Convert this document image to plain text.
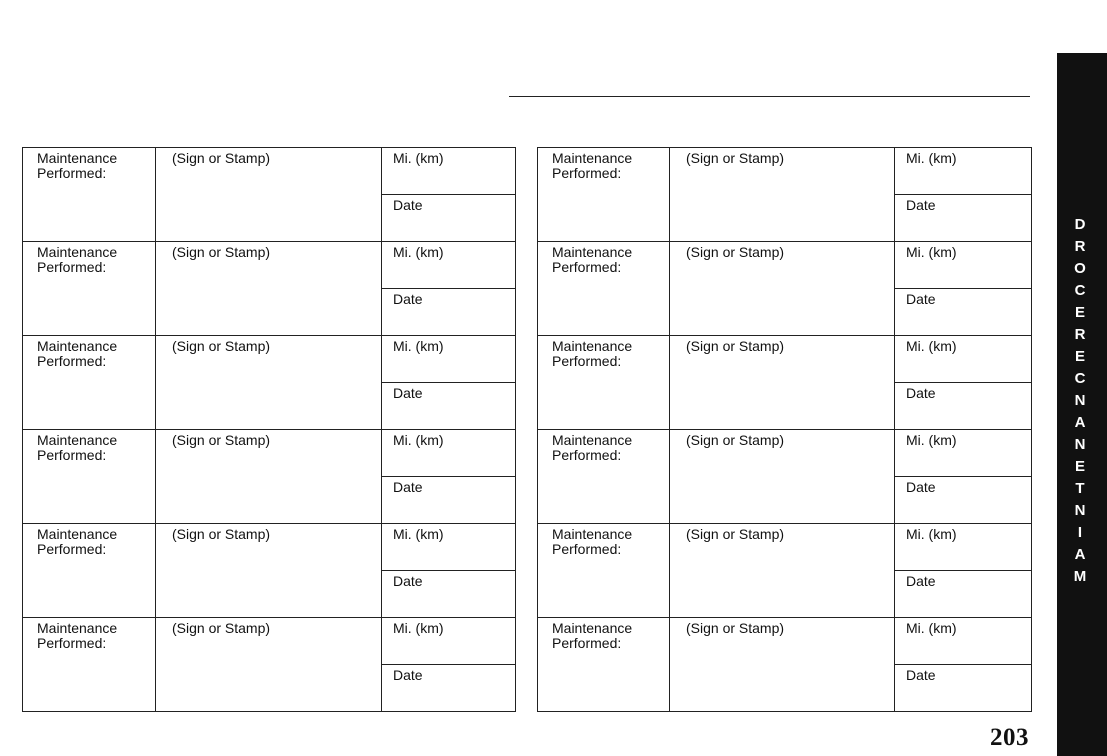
Maintenance
Performed:	(Sign or Stamp)	Mi. (km)
		Date

Maintenance
Performed:	(Sign or Stamp)	Mi. (km)
		Date

Maintenance
Performed:	(Sign or Stamp)	Mi. (km)
		Date

Maintenance
Performed:	(Sign or Stamp)	Mi. (km)
		Date

Maintenance
Performed:	(Sign or Stamp)	Mi. (km)
		Date

Maintenance
Performed:	(Sign or Stamp)	Mi. (km)
		Date
Maintenance
Performed:	(Sign or Stamp)	Mi. (km)
		Date

Maintenance
Performed:	(Sign or Stamp)	Mi. (km)
		Date

Maintenance
Performed:	(Sign or Stamp)	Mi. (km)
		Date

Maintenance
Performed:	(Sign or Stamp)	Mi. (km)
		Date

Maintenance
Performed:	(Sign or Stamp)	Mi. (km)
		Date

Maintenance
Performed:	(Sign or Stamp)	Mi. (km)
		Date
D
R
O
C
E
R
E
C
N
A
N
E
T
N
I
A
M
203
